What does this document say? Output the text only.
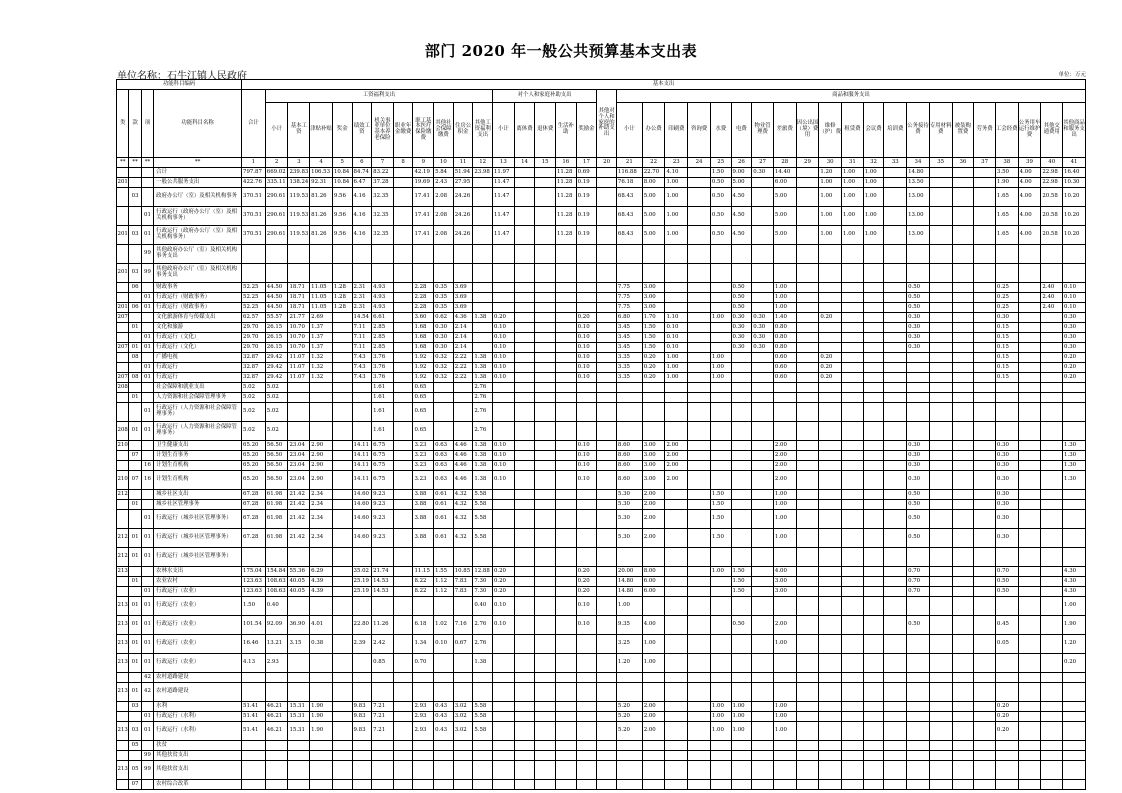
部门 2020 年一般公共预算基本支出表
单位名称：石牛江镇人民政府	单位：万元
功能科目编码				基本支出																																						
类	款	项	功能科目名称	合计	工资福利支出											对个人和家庭补助支出					其他对个人和家庭的补助支出	商品和服务支出																				
					小计	基本工资	津贴补贴	奖金	绩效工资	机关事业单位基本养老保险	职业年金缴费	职工基本医疗保险缴费	其他社会保障缴费	住房公积金	其他工资福利支出	小计	离休费	退休费	生活补助	奖励金		小计	办公费	印刷费	咨询费	水费	电费	物业管理费	差旅费	因公出国（境）费用	维修（护）费	租赁费	会议费	培训费	公务接待费	专用材料费	被装购置费	劳务费	工会经费	公务用车运行维护费	其他交通费用	其他商品和服务支出
**	**	**	**	1	2	3	4	5	6	7	8	9	10	11	12	13	14	15	16	17	20	21	22	23	24	25	26	27	28	29	30	31	32	33	34	35	36	37	38	39	40	41
			合计	797.87	669.02	239.83	106.53	10.84	84.74	83.22		42.19	5.84	51.94	23.98	11.97			11.28	0.69		116.88	22.70	4.10		1.50	9.00	0.30	14.40		1.20	1.00	1.00		14.80				3.50	4.00	22.98	16.40
201			一般公共服务支出	422.76	335.11	138.24	92.31	10.84	6.47	37.28		19.69	2.43	27.95		11.47			11.28	0.19		76.18	8.00	1.00		0.50	5.00		6.00		1.00	1.00	1.00		13.50				1.90	4.00	22.98	10.30
	03		政府办公厅（室）及相关机构事务	370.51	290.61	119.53	81.26	9.56	4.16	32.35		17.41	2.08	24.26		11.47			11.28	0.19		68.43	5.00	1.00		0.50	4.50		5.00		1.00	1.00	1.00		13.00				1.65	4.00	20.58	10.20
		01	行政运行（政府办公厅（室）及相关机构事务）	370.51	290.61	119.53	81.26	9.56	4.16	32.35		17.41	2.08	24.26		11.47			11.28	0.19		68.43	5.00	1.00		0.50	4.50		5.00		1.00	1.00	1.00		13.00				1.65	4.00	20.58	10.20
201	03	01	行政运行（政府办公厅（室）及相关机构事务）	370.51	290.61	119.53	81.26	9.56	4.16	32.35		17.41	2.08	24.26		11.47			11.28	0.19		68.43	5.00	1.00		0.50	4.50		5.00		1.00	1.00	1.00		13.00				1.65	4.00	20.58	10.20
		99	其他政府办公厅（室）及相关机构事务支出																																							
201	03	99	其他政府办公厅（室）及相关机构事务支出																																							
	06		财政事务	52.25	44.50	18.71	11.05	1.28	2.31	4.93		2.28	0.35	3.69								7.75	3.00				0.50		1.00						0.50				0.25		2.40	0.10
		01	行政运行（财政事务）	52.25	44.50	18.71	11.05	1.28	2.31	4.93		2.28	0.35	3.69								7.75	3.00				0.50		1.00						0.50				0.25		2.40	0.10
201	06	01	行政运行（财政事务）	52.25	44.50	18.71	11.05	1.28	2.31	4.93		2.28	0.35	3.69								7.75	3.00				0.50		1.00						0.50				0.25		2.40	0.10
207			文化旅游体育与传媒支出	62.57	55.57	21.77	2.69		14.54	6.61		3.60	0.62	4.36	1.38	0.20				0.20		6.80	1.70	1.10		1.00	0.30	0.30	1.40		0.20				0.30				0.30			0.30
	01		文化和旅游	29.70	26.15	10.70	1.37		7.11	2.85		1.68	0.30	2.14		0.10				0.10		3.45	1.50	0.10			0.30	0.30	0.80						0.30				0.15			0.30
		01	行政运行（文化）	29.70	26.15	10.70	1.37		7.11	2.85		1.68	0.30	2.14		0.10				0.10		3.45	1.50	0.10			0.30	0.30	0.80						0.30				0.15			0.30
207	01	01	行政运行（文化）	29.70	26.15	10.70	1.37		7.11	2.85		1.68	0.30	2.14		0.10				0.10		3.45	1.50	0.10			0.30	0.30	0.80						0.30				0.15			0.30
	08		广播电视	32.87	29.42	11.07	1.32		7.43	3.76		1.92	0.32	2.22	1.38	0.10				0.10		3.35	0.20	1.00		1.00			0.60		0.20								0.15			0.20
		01	行政运行	32.87	29.42	11.07	1.32		7.43	3.76		1.92	0.32	2.22	1.38	0.10				0.10		3.35	0.20	1.00		1.00			0.60		0.20								0.15			0.20
207	08	01	行政运行	32.87	29.42	11.07	1.32		7.43	3.76		1.92	0.32	2.22	1.38	0.10				0.10		3.35	0.20	1.00		1.00			0.60		0.20								0.15			0.20
208			社会保障和就业支出	5.02	5.02					1.61		0.65			2.76																											
	01		人力资源和社会保障管理事务	5.02	5.02					1.61		0.65			2.76																											
		01	行政运行（人力资源和社会保障管理事务）	5.02	5.02					1.61		0.65			2.76																											
208	01	01	行政运行（人力资源和社会保障管理事务）	5.02	5.02					1.61		0.65			2.76																											
210			卫生健康支出	65.20	56.50	23.04	2.90		14.11	6.75		3.23	0.63	4.46	1.38	0.10				0.10		8.60	3.00	2.00					2.00						0.30				0.30			1.30
	07		计划生育事务	65.20	56.50	23.04	2.90		14.11	6.75		3.23	0.63	4.46	1.38	0.10				0.10		8.60	3.00	2.00					2.00						0.30				0.30			1.30
		16	计划生育机构	65.20	56.50	23.04	2.90		14.11	6.75		3.23	0.63	4.46	1.38	0.10				0.10		8.60	3.00	2.00					2.00						0.30				0.30			1.30
210	07	16	计划生育机构	65.20	56.50	23.04	2.90		14.11	6.75		3.23	0.63	4.46	1.38	0.10				0.10		8.60	3.00	2.00					2.00						0.30				0.30			1.30
212			城乡社区支出	67.28	61.98	21.42	2.34		14.60	9.23		3.88	0.61	4.32	5.58							5.30	2.00			1.50			1.00						0.50				0.30			
	01		城乡社区管理事务	67.28	61.98	21.42	2.34		14.60	9.23		3.88	0.61	4.32	5.58							5.30	2.00			1.50			1.00						0.50				0.30			
		01	行政运行（城乡社区管理事务）	67.28	61.98	21.42	2.34		14.60	9.23		3.88	0.61	4.32	5.58							5.30	2.00			1.50			1.00						0.50				0.30			
212	01	01	行政运行（城乡社区管理事务）	67.28	61.98	21.42	2.34		14.60	9.23		3.88	0.61	4.32	5.58							5.30	2.00			1.50			1.00						0.50				0.30			
212	01	01	行政运行（城乡社区管理事务）																																							
213			农林水支出	175.04	154.84	55.36	6.29		35.02	21.74		11.15	1.55	10.85	12.88	0.20				0.20		20.00	8.00			1.00	1.50		4.00						0.70				0.70			4.30
	01		农业农村	123.63	108.63	40.05	4.39		25.19	14.53		8.22	1.12	7.83	7.30	0.20				0.20		14.80	6.00				1.50		3.00						0.70				0.50			4.30
		01	行政运行（农业）	123.63	108.63	40.05	4.39		25.19	14.53		8.22	1.12	7.83	7.30	0.20				0.20		14.80	6.00				1.50		3.00						0.70				0.50			4.30
213	01	01	行政运行（农业）	1.50	0.40										0.40	0.10				0.10		1.00																				1.00
213	01	01	行政运行（农业）	101.54	92.09	36.90	4.01		22.80	11.26		6.18	1.02	7.16	2.76	0.10				0.10		9.35	4.00				0.50		2.00						0.50				0.45			1.90
213	01	01	行政运行（农业）	16.46	13.21	3.15	0.38		2.39	2.42		1.34	0.10	0.67	2.76							3.25	1.00						1.00										0.05			1.20
213	01	01	行政运行（农业）	4.13	2.93					0.85		0.70			1.38							1.20	1.00																			0.20
		42	农村道路建设																																							
213	01	42	农村道路建设																																							
	03		水利	51.41	46.21	15.31	1.90		9.83	7.21		2.93	0.43	3.02	5.58							5.20	2.00			1.00	1.00		1.00										0.20			
		01	行政运行（水利）	51.41	46.21	15.31	1.90		9.83	7.21		2.93	0.43	3.02	5.58							5.20	2.00			1.00	1.00		1.00										0.20			
213	03	01	行政运行（水利）	51.41	46.21	15.31	1.90		9.83	7.21		2.93	0.43	3.02	5.58							5.20	2.00			1.00	1.00		1.00										0.20			
	05		扶贫																																							
		99	其他扶贫支出																																							
213	05	99	其他扶贫支出																																							
	07		农村综合改革																																							
